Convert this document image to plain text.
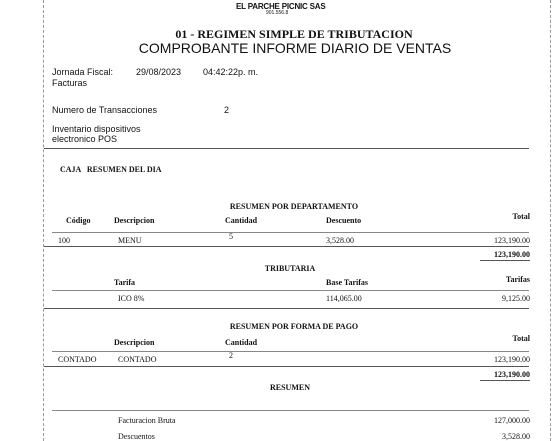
EL PARCHE PICNIC SAS
901.556.8
01 - REGIMEN SIMPLE DE TRIBUTACION
COMPROBANTE INFORME DIARIO DE VENTAS
Jornada Fiscal:	29/08/2023 04:42:22p. m.
Facturas
Numero de Transacciones	2
Inventario dispositivos
electronico POS
CAJA   RESUMEN DEL DIA
RESUMEN POR DEPARTAMENTO
Código	Descripcion	Cantidad	Descuento	Total
100	MENU	5	3,528.00	123,190.00
123,190.00
TRIBUTARIA
Tarifa	Base Tarifas	Tarifas
ICO 8%	114,065.00	9,125.00
RESUMEN POR FORMA DE PAGO
Descripcion	Cantidad	Total
CONTADO	CONTADO	2	123,190.00
123,190.00
RESUMEN
Facturacion Bruta	127,000.00
Descuentos	3,528.00
